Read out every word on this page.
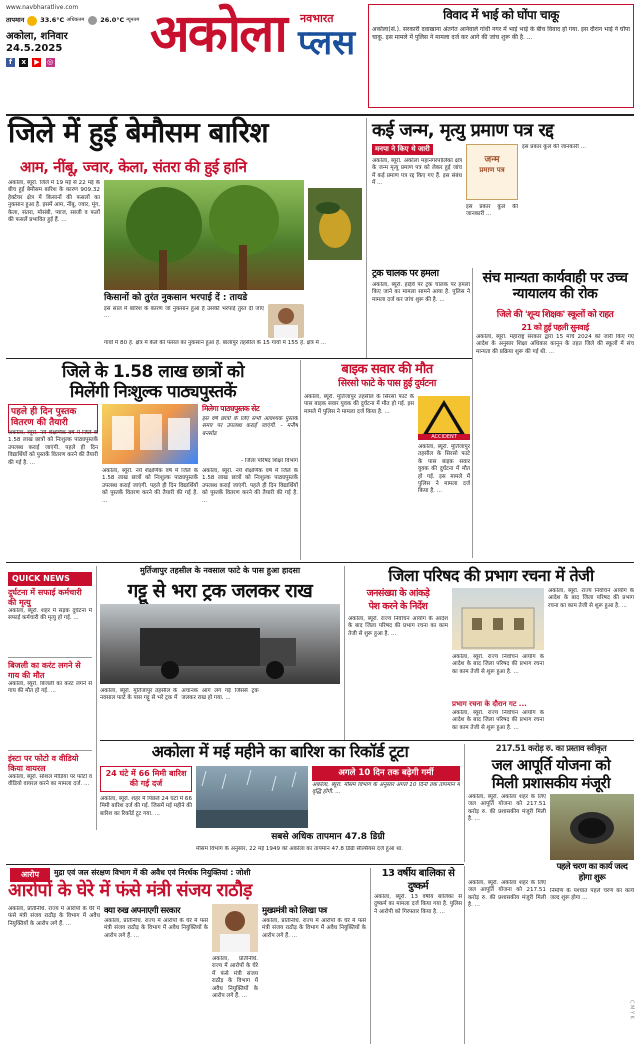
www.navbharatlive.com
तापमान 33.6°C अधिकतम 26.0°C न्यूनतम
अकोला, शनिवार
24.5.2025
f x ▶ ◎	अकोला नवभारत
प्लस
विवाद में भाई को घोंपा चाकू
अकोला(सं.). सरकारी दवाखाना अंतर्गत आनेवाले गांधी नगर में भाई भाई के बीच विवाद हो गया. इस दौरान भाई ने घोंपा चाकू. इस मामले में पुलिस ने मामला दर्ज कर आगे की जांच शुरू की है. ...
जिले में हुई बेमौसम बारिश
आम, नींबू, ज्वार, केला, संतरा की हुई हानि
अकोला, ब्यूरो. जिले में 19 मई से 22 मई के बीच हुई बेमौसम बारिश के कारण 909.32 हेक्टेयर क्षेत्र में किसानों की फसलों का नुकसान हुआ है. इसमें आम, नींबू, ज्वार, मूंग, केला, संतरा, मोसंबी, प्याज, सब्जी व फलों की फसलें प्रभावित हुई हैं. ...
किसानों को तुरंत नुकसान भरपाई दें : तायडे
इस साल में बारिश के कारण जो नुकसान हुआ है उसकी भरपाई तुरंत दी जाए ...
गांवों में 80 हे. क्षेत्र में केले की फसल का नुकसान हुआ है. बालापुर तहसील के 15 गांवों में 155 हे. क्षेत्र में ...
कई जन्म, मृत्यु प्रमाण पत्र रद्द
मनपा ने किए थे जारी
अकोला, ब्यूरो. अकोला महानगरपालिका क्षेत्र के जन्म मृत्यु प्रमाण पत्र को लेकर हुई जांच में कई प्रमाण पत्र रद्द किए गए हैं. इस संबंध में ...
जन्म
प्रमाण पत्र
इस प्रकार कुल की जानकारी ...
इस प्रकार कुल की जानकारी ...
ट्रक चालक पर हमला
अकोला, ब्यूरो. हाईवे पर ट्रक चालक पर हमला किए जाने का मामला सामने आया है. पुलिस ने मामला दर्ज कर जांच शुरू की है. ...
संच मान्यता कार्यवाही पर उच्च न्यायालय की रोक
जिले की 'शून्य शिक्षक' स्कूलों को राहत
21 को हुई पहली सुनवाई
अकोला, ब्यूरो. महाराष्ट्र सरकार द्वारा 15 मार्च 2024 को जारी किए गए आदेश के अनुसार शिक्षा अधिकार कानून के तहत जिले की स्कूलों में संच मान्यता की प्रक्रिया शुरू की गई थी. ...
जिले के 1.58 लाख छात्रों को
मिलेंगी निःशुल्क पाठ्यपुस्तकें
पहले ही दिन पुस्तक वितरण की तैयारी
अकोला, ब्यूरो. नये शैक्षणिक वर्ष में जिले के 1.58 लाख छात्रों को निःशुल्क पाठ्यपुस्तकें उपलब्ध कराई जाएंगी. पहले ही दिन विद्यार्थियों को पुस्तकें वितरण करने की तैयारी की गई है. ...
अकोला, ब्यूरो. नये शैक्षणिक वर्ष में जिले के 1.58 लाख छात्रों को निःशुल्क पाठ्यपुस्तकें उपलब्ध कराई जाएंगी. पहले ही दिन विद्यार्थियों को पुस्तकें वितरण करने की तैयारी की गई है. ...
मिलेगा पाठ्यपुस्तक सेट
इस वर्ष छात्रों के लिए सभी आवश्यक पुस्तकें समय पर उपलब्ध कराई जाएंगी. - मनीष बनसोड
- जिला परिषद शिक्षा विभाग
अकोला, ब्यूरो. नये शैक्षणिक वर्ष में जिले के 1.58 लाख छात्रों को निःशुल्क पाठ्यपुस्तकें उपलब्ध कराई जाएंगी. पहले ही दिन विद्यार्थियों को पुस्तकें वितरण करने की तैयारी की गई है. ...
बाइक सवार की मौत
सिरसो फाटे के पास हुई दुर्घटना
अकोला, ब्यूरो. मूर्तिजापुर तहसील के सिरसो फाटे के पास बाइक सवार युवक की दुर्घटना में मौत हो गई. इस मामले में पुलिस ने मामला दर्ज किया है. ...
ACCIDENT
अकोला, ब्यूरो. मूर्तिजापुर तहसील के सिरसो फाटे के पास बाइक सवार युवक की दुर्घटना में मौत हो गई. इस मामले में पुलिस ने मामला दर्ज किया है. ...
QUICK NEWS
दुर्घटना में सफाई कर्मचारी की मृत्यु
अकोला, ब्यूरो. शहर में सड़क दुर्घटना में सफाई कर्मचारी की मृत्यु हो गई. ...
बिजली का करंट लगने से गाय की मौत
अकोला, ब्यूरो. बिजली का करंट लगने से गाय की मौत हो गई. ...
इंस्टा पर फोटो व वीडियो किया वायरल
अकोला, ब्यूरो. सोशल मीडिया पर फोटो व वीडियो वायरल करने का मामला दर्ज. ...
मुर्तिजापुर तहसील के नवसाल फाटे के पास हुआ हादसा
गट्टू से भरा ट्रक जलकर राख
अकोला, ब्यूरो. मुर्तिजापुर तहसील के नवसाल फाटे के पास गट्टू से भरे ट्रक में अचानक आग लग गई जिससे ट्रक जलकर राख हो गया. ...
जिला परिषद की प्रभाग रचना में तेजी
जनसंख्या के आंकड़े
पेश करने के निर्देश
अकोला, ब्यूरो. राज्य निर्वाचन आयोग के आदेश के बाद जिला परिषद की प्रभाग रचना का काम तेजी से शुरू हुआ है. ...
अकोला, ब्यूरो. राज्य निर्वाचन आयोग के आदेश के बाद जिला परिषद की प्रभाग रचना का काम तेजी से शुरू हुआ है. ...
अकोला, ब्यूरो. राज्य निर्वाचन आयोग के आदेश के बाद जिला परिषद की प्रभाग रचना का काम तेजी से शुरू हुआ है. ...
प्रभाग रचना के दौरान गट ...
अकोला, ब्यूरो. राज्य निर्वाचन आयोग के आदेश के बाद जिला परिषद की प्रभाग रचना का काम तेजी से शुरू हुआ है. ...
अकोला में मई महीने का बारिश का रिकॉर्ड टूटा
24 घंटे में 66 मिमी बारिश की गई दर्ज
अकोला, ब्यूरो. शहर में पिछले 24 घंटों में 66 मिमी बारिश दर्ज की गई. जिसमें मई महीने की बारिश का रिकॉर्ड टूट गया. ...
अगले 10 दिन तक बढ़ेगी गर्मी
अकोला, ब्यूरो. मौसम विभाग के अनुसार अगले 10 दिनों तक तापमान में वृद्धि होगी. ...
सबसे अधिक तापमान 47.8 डिग्री
मौसम विभाग के अनुसार, 22 मई 1949 को अकोला का तापमान 47.8 डिग्री सेल्सियस दर्ज हुआ था.
217.51 करोड़ रु. का प्रस्ताव स्वीकृत
जल आपूर्ति योजना को
मिली प्रशासकीय मंजूरी
अकोला, ब्यूरो. अकोला शहर के लिए जल आपूर्ति योजना को 217.51 करोड़ रु. की प्रशासकीय मंजूरी मिली है. ...
पहले चरण का कार्य जल्द होगा शुरू
निर्माण के पश्चात पहले चरण का कार्य जल्द शुरू होगा ...
आरोप	मुद्रा एवं जल संरक्षण विभाग में की अवैध एवं निरर्थक नियुक्तियां : जोशी
आरोपों के घेरे में फंसे मंत्री संजय राठौड़
अकोला, प्रतिनिधि. राज्य में आरोपों के घेरे में फंसे मंत्री संजय राठौड़ के विभाग में अवैध नियुक्तियों के आरोप लगे हैं. ...
क्या रुख अपनाएगी सरकार
अकोला, प्रतिनिधि. राज्य में आरोपों के घेरे में फंसे मंत्री संजय राठौड़ के विभाग में अवैध नियुक्तियों के आरोप लगे हैं. ...
मुख्यमंत्री को लिखा पत्र
अकोला, प्रतिनिधि. राज्य में आरोपों के घेरे में फंसे मंत्री संजय राठौड़ के विभाग में अवैध नियुक्तियों के आरोप लगे हैं. ...
अकोला, प्रतिनिधि. राज्य में आरोपों के घेरे में फंसे मंत्री संजय राठौड़ के विभाग में अवैध नियुक्तियों के आरोप लगे हैं. ...
13 वर्षीय बालिका से दुष्कर्म
अकोला, ब्यूरो. 13 वर्षीय बालिका से दुष्कर्म का मामला दर्ज किया गया है. पुलिस ने आरोपी को गिरफ्तार किया है. ...
अकोला, ब्यूरो. अकोला शहर के लिए जल आपूर्ति योजना को 217.51 करोड़ रु. की प्रशासकीय मंजूरी मिली है. ...
C M Y K
